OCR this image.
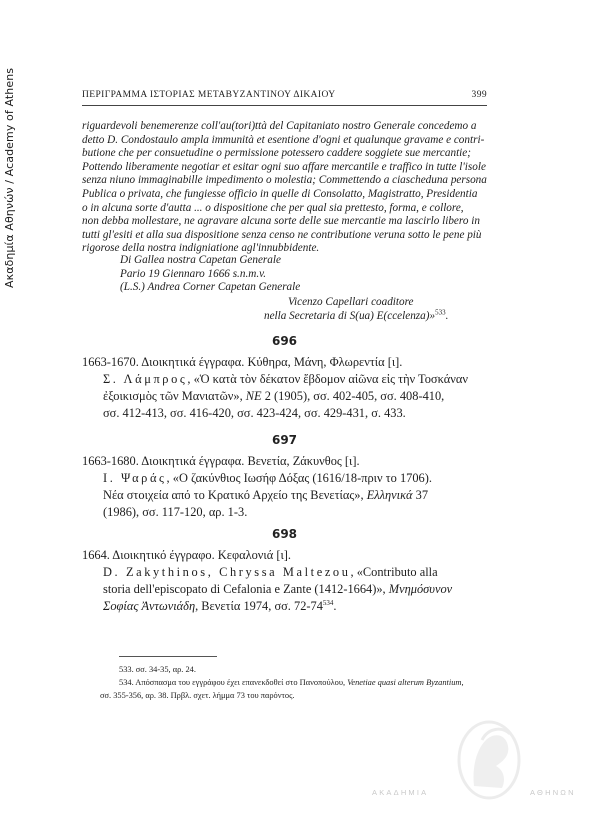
Ακαδημία Αθηνών / Academy of Athens	ΠΕΡΙΓΡΑΜΜΑ ΙΣΤΟΡΙΑΣ ΜΕΤΑΒΥΖΑΝΤΙΝΟΥ ΔΙΚΑΙΟΥ	399
riguardevoli benemerenze coll'au(tori)ttà del Capitaniato nostro Generale concedemo a
detto D. Condostaulo ampla immunità et esentione d'ogni et qualunque gravame e contri-
butione che per consuetudine o permissione potessero caddere soggiete sue mercantie;
Pottendo liberamente negotiar et esitar ogni suo affare mercantile e traffico in tutte l'isole
senza niuno immaginabille impedimento o molestia; Commettendo a ciascheduna persona
Publica o privata, che fungiesse officio in quelle di Consolatto, Magistratto, Presidentia
o in alcuna sorte d'autta ... o dispositione che per qual sia prettesto, forma, e collore,
non debba mollestare, ne agravare alcuna sorte delle sue mercantie ma lascirlo libero in
tutti gl'esiti et alla sua dispositione senza censo ne contributione veruna sotto le pene più
rigorose della nostra indigniatione agl'innubbidente.
Di Gallea nostra Capetan Generale
Pario 19 Giennaro 1666 s.n.m.v.
(L.S.) Andrea Corner Capetan Generale
Vicenzo Capellari coaditore
nella Secretaria di S(ua) E(ccelenza)»$^{533}$.
696
1663-1670. Διοικητικά έγγραφα. Κύθηρα, Μάνη, Φλωρεντία [ι].
Σ. Λάμπρος, «Ὁ κατὰ τὸν δέκατον ἕβδομον αἰῶνα εἰς τὴν Τοσκάναν
ἐξοικισμὸς τῶν Μανιατῶν», ΝΕ 2 (1905), σσ. 402-405, σσ. 408-410,
σσ. 412-413, σσ. 416-420, σσ. 423-424, σσ. 429-431, σ. 433.
697
1663-1680. Διοικητικά έγγραφα. Βενετία, Ζάκυνθος [ι].
Ι. Ψαράς, «Ο ζακύνθιος Ιωσήφ Δόξας (1616/18-πριν το 1706).
Νέα στοιχεία από το Κρατικό Αρχείο της Βενετίας», Ελληνικά 37
(1986), σσ. 117-120, αρ. 1-3.
698
1664. Διοικητικό έγγραφο. Κεφαλονιά [ι].
D. Zakythinos, Chryssa Maltezou, «Contributo alla
storia dell'episcopato di Cefalonia e Zante (1412-1664)», Μνημόσυνον
Σοφίας Ἀντωνιάδη, Βενετία 1974, σσ. $72-74^{534}$.
533. σσ. 34-35, αρ. 24.
534. Απόσπασμα του εγγράφου έχει επανεκδοθεί στο Πανοπούλου, Venetiae quasi alterum Byzantium,
σσ. 355-356, αρ. 38. Πρβλ. σχετ. λήμμα 73 του παρόντος.
ΑΚΑΔΗΜΙΑ	ΑΘΗΝΩΝ
